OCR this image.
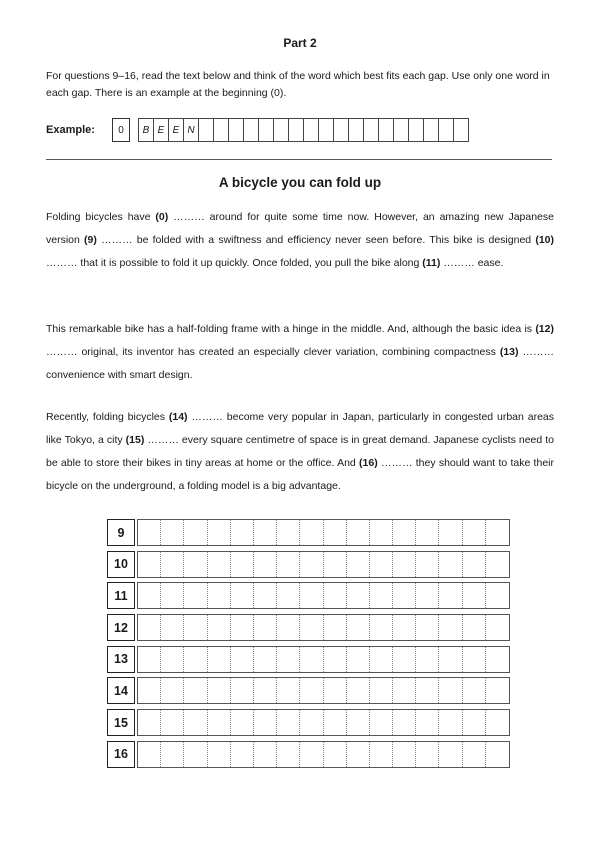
Part 2
For questions 9–16, read the text below and think of the word which best fits each gap. Use only one word in each gap. There is an example at the beginning (0).
Example:	0	B E E N
A bicycle you can fold up
Folding bicycles have (0) ……… around for quite some time now. However, an amazing new Japanese version (9) ……… be folded with a swiftness and efficiency never seen before. This bike is designed (10) ……… that it is possible to fold it up quickly. Once folded, you pull the bike along (11) ……… ease.
This remarkable bike has a half-folding frame with a hinge in the middle. And, although the basic idea is (12) ……… original, its inventor has created an especially clever variation, combining compactness (13) ……… convenience with smart design.
Recently, folding bicycles (14) ……… become very popular in Japan, particularly in congested urban areas like Tokyo, a city (15) ……… every square centimetre of space is in great demand. Japanese cyclists need to be able to store their bikes in tiny areas at home or the office. And (16) ……… they should want to take their bicycle on the underground, a folding model is a big advantage.
9
10
11
12
13
14
15
16
